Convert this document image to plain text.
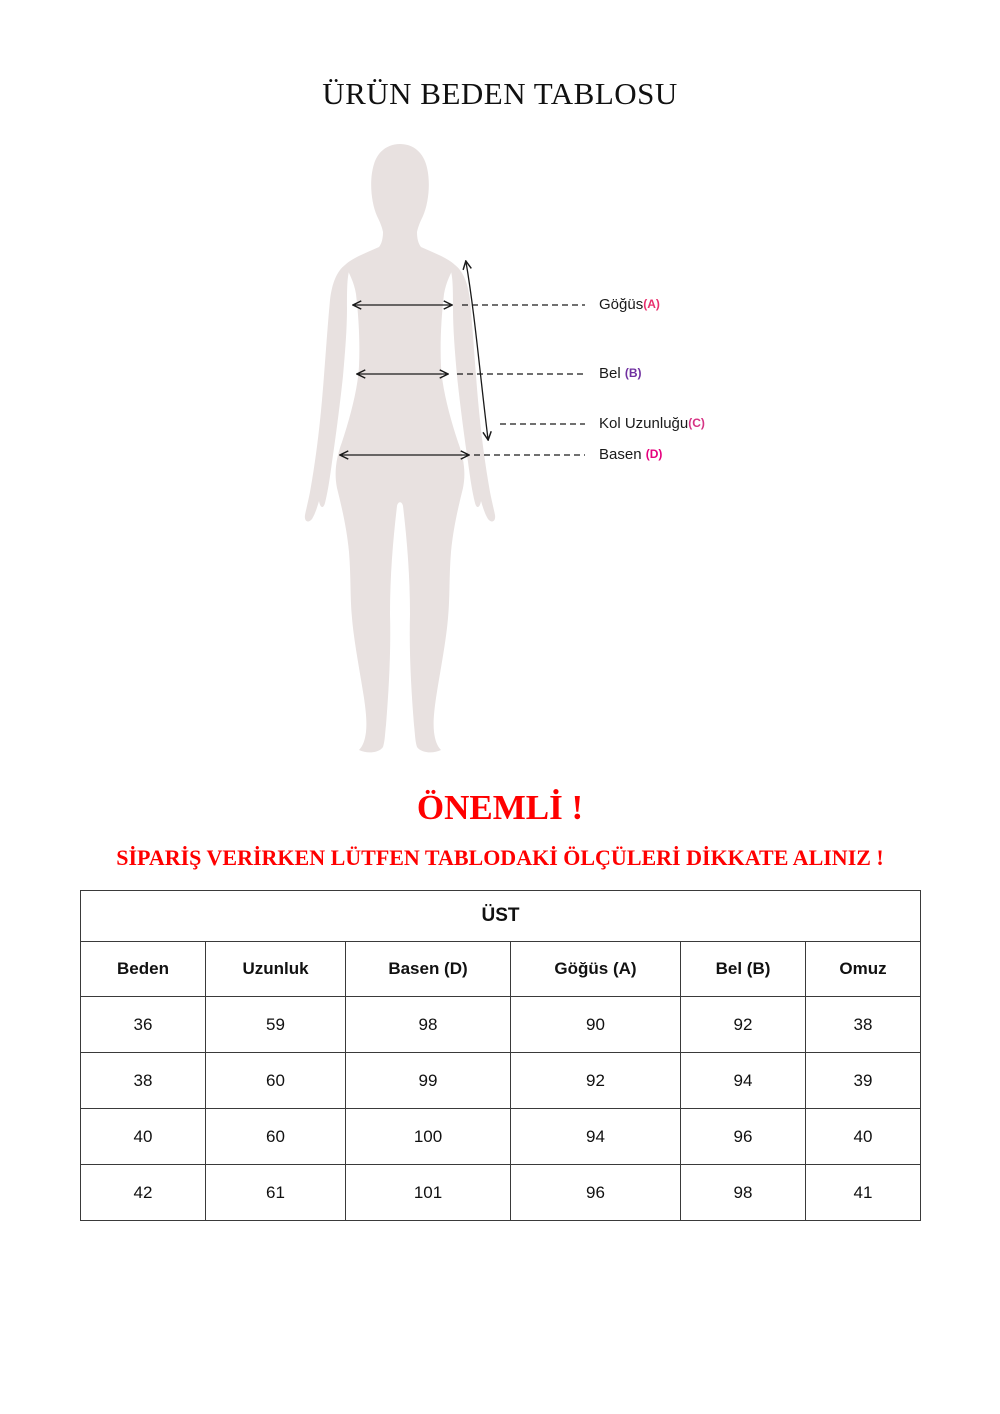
ÜRÜN BEDEN TABLOSU
Göğüs(A)
Bel (B)
Kol Uzunluğu(C)
Basen (D)
ÖNEMLİ !
SİPARİŞ VERİRKEN LÜTFEN TABLODAKİ ÖLÇÜLERİ DİKKATE ALINIZ !
ÜST					
Beden	Uzunluk	Basen (D)	Göğüs (A)	Bel (B)	Omuz
36	59	98	90	92	38
38	60	99	92	94	39
40	60	100	94	96	40
42	61	101	96	98	41
